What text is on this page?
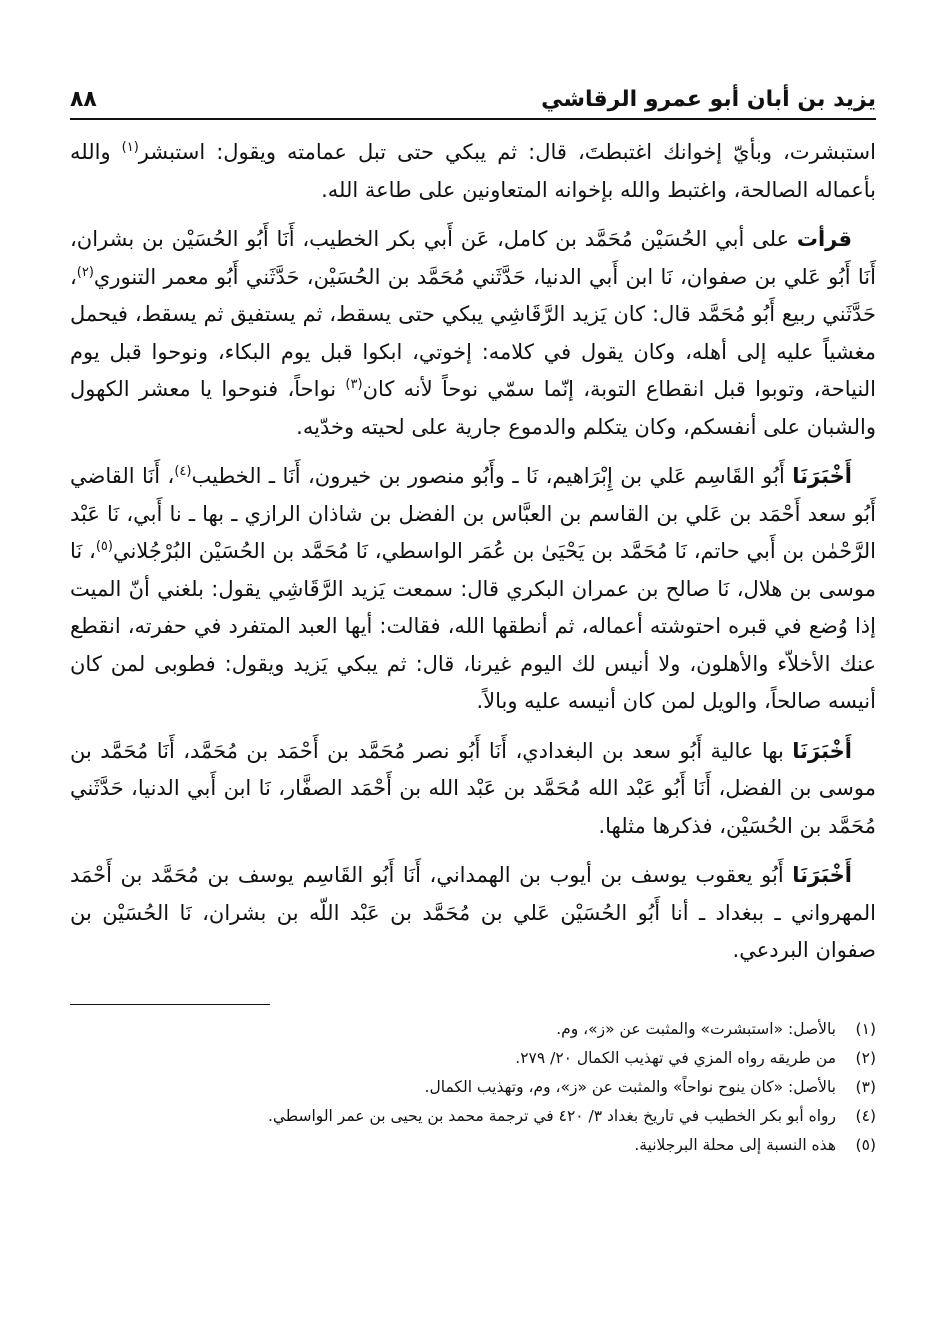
يزيد بن أبان أبو عمرو الرقاشي
٨٨

استبشرت، وبأيّ إخوانك اغتبطتَ، قال: ثم يبكي حتى تبل عمامته ويقول: استبشر$^{(١)}$ والله بأعماله الصالحة، واغتبط والله بإخوانه المتعاونين على طاعة الله.

قرأت على أبي الحُسَيْن مُحَمَّد بن كامل، عَن أَبي بكر الخطيب، أَنَا أَبُو الحُسَيْن بن بشران، أَنَا أَبُو عَلي بن صفوان، نَا ابن أَبي الدنيا، حَدَّثَني مُحَمَّد بن الحُسَيْن، حَدَّثَني أَبُو معمر التنوري$^{(٢)}$، حَدَّثَني ربيع أَبُو مُحَمَّد قال: كان يَزيد الرَّقَاشِي يبكي حتى يسقط، ثم يستفيق ثم يسقط، فيحمل مغشياً عليه إلى أهله، وكان يقول في كلامه: إخوتي، ابكوا قبل يوم البكاء، ونوحوا قبل يوم النياحة، وتوبوا قبل انقطاع التوبة، إنّما سمّي نوحاً لأنه كان$^{(٣)}$ نواحاً، فنوحوا يا معشر الكهول والشبان على أنفسكم، وكان يتكلم والدموع جارية على لحيته وخدّيه.

أَخْبَرَنَا أَبُو القَاسِم عَلي بن إِبْرَاهيم، نَا ـ وأَبُو منصور بن خيرون، أَنَا ـ الخطيب$^{(٤)}$، أَنَا القاضي أَبُو سعد أَحْمَد بن عَلي بن القاسم بن العبَّاس بن الفضل بن شاذان الرازي ـ بها ـ نا أَبي، نَا عَبْد الرَّحْمٰن بن أَبي حاتم، نَا مُحَمَّد بن يَحْيَىٰ بن عُمَر الواسطي، نَا مُحَمَّد بن الحُسَيْن البُرْجُلاني$^{(٥)}$، نَا موسى بن هلال، نَا صالح بن عمران البكري قال: سمعت يَزيد الرَّقَاشِي يقول: بلغني أنّ الميت إذا وُضع في قبره احتوشته أعماله، ثم أنطقها الله، فقالت: أيها العبد المتفرد في حفرته، انقطع عنك الأخلاّء والأهلون، ولا أنيس لك اليوم غيرنا، قال: ثم يبكي يَزيد ويقول: فطوبى لمن كان أنيسه صالحاً، والويل لمن كان أنيسه عليه وبالاً.

أَخْبَرَنَا بها عالية أَبُو سعد بن البغدادي، أَنَا أَبُو نصر مُحَمَّد بن أَحْمَد بن مُحَمَّد، أَنَا مُحَمَّد بن موسى بن الفضل، أَنَا أَبُو عَبْد الله مُحَمَّد بن عَبْد الله بن أَحْمَد الصفَّار، نَا ابن أَبي الدنيا، حَدَّثَني مُحَمَّد بن الحُسَيْن، فذكرها مثلها.

أَخْبَرَنَا أَبُو يعقوب يوسف بن أيوب بن الهمداني، أَنَا أَبُو القَاسِم يوسف بن مُحَمَّد بن أَحْمَد المهرواني ـ ببغداد ـ أنا أَبُو الحُسَيْن عَلي بن مُحَمَّد بن عَبْد اللّه بن بشران، نَا الحُسَيْن بن صفوان البردعي.

(١)
بالأصل: «استبشرت» والمثبت عن «ز»، وم.
(٢)
من طريقه رواه المزي في تهذيب الكمال ٢٠/ ٢٧٩.
(٣)
بالأصل: «كان ينوح نواحاً» والمثبت عن «ز»، وم، وتهذيب الكمال.
(٤)
رواه أبو بكر الخطيب في تاريخ بغداد ٣/ ٤٢٠ في ترجمة محمد بن يحيى بن عمر الواسطي.
(٥)
هذه النسبة إلى محلة البرجلانية.
